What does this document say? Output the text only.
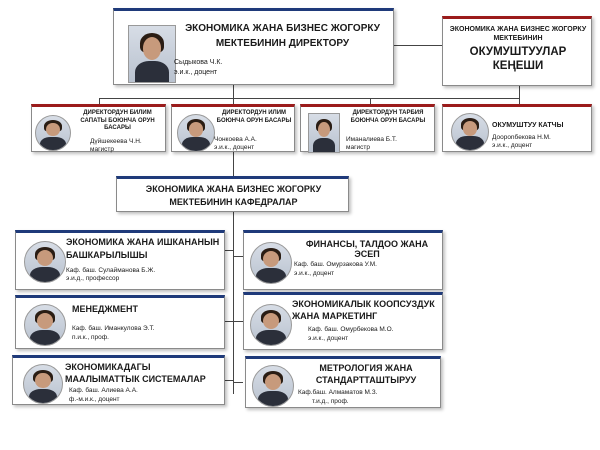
ЭКОНОМИКА ЖАНА БИЗНЕС ЖОГОРКУ МЕКТЕБИНИН ДИРЕКТОРУ
Сыдыкова Ч.К.
э.и.к., доцент
ЭКОНОМИКА ЖАНА БИЗНЕС ЖОГОРКУ МЕКТЕБИНИН
ОКУМУШТУУЛАР КЕҢЕШИ
ДИРЕКТОРДУН БИЛИМ САПАТЫ БОЮНЧА ОРУН БАСАРЫ
Дүйшекеева Ч.Н.
магистр
ДИРЕКТОРДУН ИЛИМ БОЮНЧА ОРУН БАСАРЫ
Чонкоева А.А.
э.и.к., доцент
ДИРЕКТОРДУН ТАРБИЯ БОЮНЧА ОРУН БАСАРЫ
Иманалиева Б.Т.
магистр
ОКУМУШТУУ КАТЧЫ
Доороnбекова Н.М.
э.и.к., доцент
ЭКОНОМИКА ЖАНА БИЗНЕС ЖОГОРКУ МЕКТЕБИНИН КАФЕДРАЛАР
ЭКОНОМИКА ЖАНА ИШКАНАНЫН БАШКАРЫЛЫШЫ
Каф. баш. Сулайманова Б.Ж.
э.и.д., профессор
ФИНАНСЫ, ТАЛДОО ЖАНА ЭСЕП
Каф. баш. Омурзакова У.М.
э.и.к., доцент
МЕНЕДЖМЕНТ
Каф. баш. Иманкулова Э.Т.
п.и.к., проф.
ЭКОНОМИКАЛЫК КООПСУЗДУК ЖАНА МАРКЕТИНГ
Каф. баш. Омурбекова М.О.
э.и.к., доцент
ЭКОНОМИКАДАГЫ МААЛЫМАТТЫК СИСТЕМАЛАР
Каф. баш. Алиева А.А.
ф.-м.и.к., доцент
МЕТРОЛОГИЯ ЖАНА СТАНДАРТТАШТЫРУУ
Каф.баш. Алмаматов М.З.
т.и.д., проф.
